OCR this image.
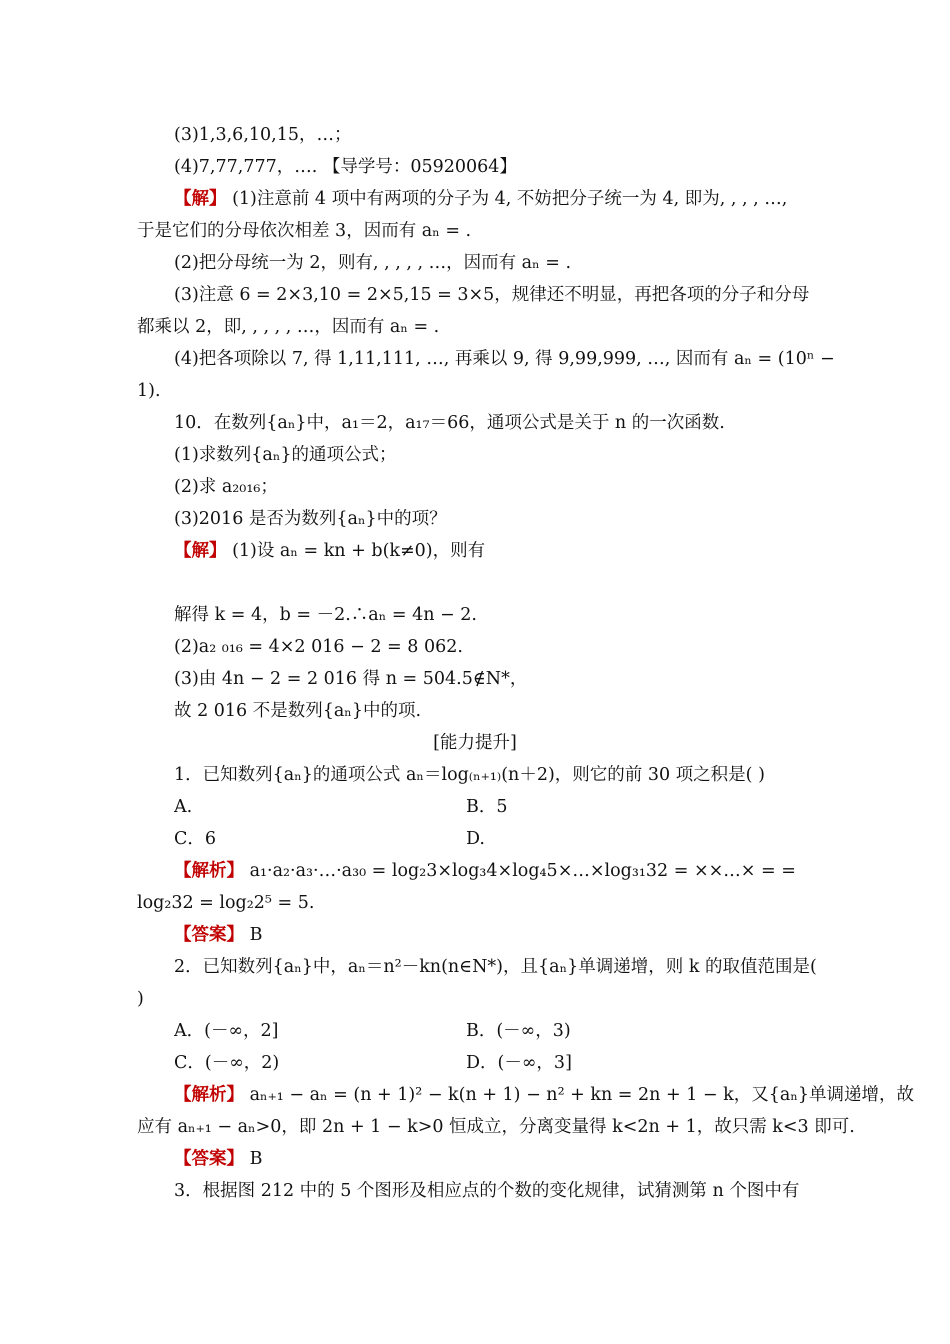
(3)1,3,6,10,15，…；
(4)7,77,777，…. 【导学号：05920064】
【解】 (1)注意前 4 项中有两项的分子为 4, 不妨把分子统一为 4, 即为, , , , …,
于是它们的分母依次相差 3，因而有 aₙ = .
(2)把分母统一为 2，则有, , , , , …，因而有 aₙ = .
(3)注意 6 = 2×3,10 = 2×5,15 = 3×5，规律还不明显，再把各项的分子和分母
都乘以 2，即, , , , , …，因而有 aₙ = .
(4)把各项除以 7, 得 1,11,111, …, 再乘以 9, 得 9,99,999, …, 因而有 aₙ = (10ⁿ −
1).
10．在数列{aₙ}中，a₁＝2，a₁₇＝66，通项公式是关于 n 的一次函数.
(1)求数列{aₙ}的通项公式；
(2)求 a₂₀₁₆；
(3)2016 是否为数列{aₙ}中的项？
【解】 (1)设 aₙ = kn + b(k≠0)，则有
解得 k = 4，b = －2.∴aₙ = 4n − 2.
(2)a₂ ₀₁₆ = 4×2 016 − 2 = 8 062.
(3)由 4n − 2 = 2 016 得 n = 504.5∉N*，
故 2 016 不是数列{aₙ}中的项.
[能力提升]
1．已知数列{aₙ}的通项公式 aₙ＝log₍ₙ₊₁₎(n＋2)，则它的前 30 项之积是( )
A.	B．5
C．6	D.
【解析】 a₁·a₂·a₃·…·a₃₀ = log₂3×log₃4×log₄5×…×log₃₁32 = ××…× = =
log₂32 = log₂2⁵ = 5.
【答案】 B
2．已知数列{aₙ}中，aₙ＝n²－kn(n∈N*)，且{aₙ}单调递增，则 k 的取值范围是(
)
A．(－∞，2]	B．(－∞，3)
C．(－∞，2)	D．(－∞，3]
【解析】 aₙ₊₁ − aₙ = (n + 1)² − k(n + 1) − n² + kn = 2n + 1 − k，又{aₙ}单调递增，故
应有 aₙ₊₁ − aₙ>0，即 2n + 1 − k>0 恒成立，分离变量得 k<2n + 1，故只需 k<3 即可.
【答案】 B
3．根据图 212 中的 5 个图形及相应点的个数的变化规律，试猜测第 n 个图中有
